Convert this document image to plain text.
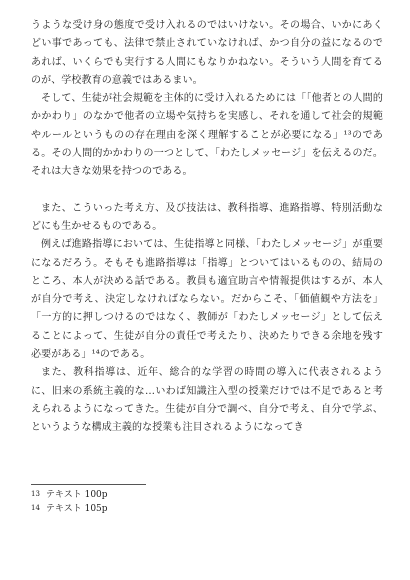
うような受け身の態度で受け入れるのではいけない。その場合、いかにあくどい事であっても、法律で禁止されていなければ、かつ自分の益になるのであれば、いくらでも実行する人間にもなりかねない。そういう人間を育てるのが、学校教育の意義ではあるまい。

そして、生徒が社会規範を主体的に受け入れるためには「「他者との人間的かかわり」のなかで他者の立場や気持ちを実感し、それを通して社会的規範やルールというものの存在理由を深く理解することが必要になる」¹³のである。その人間的かかわりの一つとして、「わたしメッセージ」を伝えるのだ。それは大きな効果を持つのである。

また、こういった考え方、及び技法は、教科指導、進路指導、特別活動などにも生かせるものである。

例えば進路指導においては、生徒指導と同様、「わたしメッセージ」が重要になるだろう。そもそも進路指導は「指導」とついてはいるものの、結局のところ、本人が決める話である。教員も適宜助言や情報提供はするが、本人が自分で考え、決定しなければならない。だからこそ、「価値観や方法を」「一方的に押しつけるのではなく、教師が「わたしメッセージ」として伝えることによって、生徒が自分の責任で考えたり、決めたりできる余地を残す必要がある」¹⁴のである。

また、教科指導は、近年、総合的な学習の時間の導入に代表されるように、旧来の系統主義的な…いわば知識注入型の授業だけでは不足であると考えられるようになってきた。生徒が自分で調べ、自分で考え、自分で学ぶ、というような構成主義的な授業も注目されるようになってき

13 テキスト 100p
14 テキスト 105p
